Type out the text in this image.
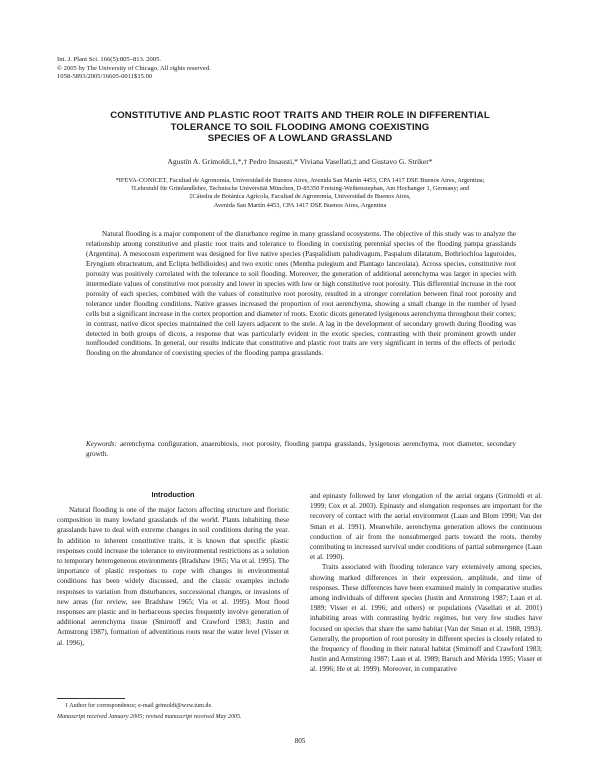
Int. J. Plant Sci. 166(5):805–813. 2005.
© 2005 by The University of Chicago. All rights reserved.
1058-5893/2005/16605-0011$15.00
CONSTITUTIVE AND PLASTIC ROOT TRAITS AND THEIR ROLE IN DIFFERENTIAL
TOLERANCE TO SOIL FLOODING AMONG COEXISTING
SPECIES OF A LOWLAND GRASSLAND
Agustín A. Grimoldi,1,*,† Pedro Insausti,* Viviana Vasellati,‡ and Gustavo G. Striker*
*IFEVA-CONICET, Facultad de Agronomía, Universidad de Buenos Aires, Avenida San Martín 4453, CPA 1417 DSE Buenos Aires, Argentina;
†Lehrstuhl für Grünlandlehre, Technische Universität München, D-85350 Freising-Weihenstephan, Am Hochanger 1, Germany; and
‡Cátedra de Botánica Agrícola, Facultad de Agronomía, Universidad de Buenos Aires,
Avenida San Martín 4453, CPA 1417 DSE Buenos Aires, Argentina

Natural flooding is a major component of the disturbance regime in many grassland ecosystems. The objective of this study was to analyze the relationship among constitutive and plastic root traits and tolerance to flooding in coexisting perennial species of the flooding pampa grasslands (Argentina). A mesocosm experiment was designed for five native species (Paspalidium paludivagum, Paspalum dilatatum, Bothriochloa laguroides, Eryngium ebracteatum, and Eclipta bellidioides) and two exotic ones (Mentha pulegium and Plantago lanceolata). Across species, constitutive root porosity was positively correlated with the tolerance to soil flooding. Moreover, the generation of additional aerenchyma was larger in species with intermediate values of constitutive root porosity and lower in species with low or high constitutive root porosity. This differential increase in the root porosity of each species, combined with the values of constitutive root porosity, resulted in a stronger correlation between final root porosity and tolerance under flooding conditions. Native grasses increased the proportion of root aerenchyma, showing a small change in the number of lysed cells but a significant increase in the cortex proportion and diameter of roots. Exotic dicots generated lysigenous aerenchyma throughout their cortex; in contrast, native dicot species maintained the cell layers adjacent to the stele. A lag in the development of secondary growth during flooding was detected in both groups of dicots, a response that was particularly evident in the exotic species, contrasting with their prominent growth under nonflooded conditions. In general, our results indicate that constitutive and plastic root traits are very significant in terms of the effects of periodic flooding on the abundance of coexisting species of the flooding pampa grasslands.

Keywords: aerenchyma configuration, anaerobiosis, root porosity, flooding pampa grasslands, lysigenous aerenchyma, root diameter, secondary growth.
Introduction

Natural flooding is one of the major factors affecting structure and floristic composition in many lowland grasslands of the world. Plants inhabiting these grasslands have to deal with extreme changes in soil conditions during the year. In addition to inherent constitutive traits, it is known that specific plastic responses could increase the tolerance to environmental restrictions as a solution to temporary heterogeneous environments (Bradshaw 1965; Via et al. 1995). The importance of plastic responses to cope with changes in environmental conditions has been widely discussed, and the classic examples include responses to variation from disturbances, successional changes, or invasions of new areas (for review, see Bradshaw 1965; Via et al. 1995). Most flood responses are plastic and in herbaceous species frequently involve generation of additional aerenchyma tissue (Smirnoff and Crawford 1983; Justin and Armstrong 1987), formation of adventitious roots near the water level (Visser et al. 1996),

and epinasty followed by later elongation of the aerial organs (Grimoldi et al. 1999; Cox et al. 2003). Epinasty and elongation responses are important for the recovery of contact with the aerial environment (Laan and Blom 1990; Van der Sman et al. 1991). Meanwhile, aerenchyma generation allows the continuous conduction of air from the nonsubmerged parts toward the roots, thereby contributing to increased survival under conditions of partial submergence (Laan et al. 1990).

Traits associated with flooding tolerance vary extensively among species, showing marked differences in their expression, amplitude, and time of responses. These differences have been examined mainly in comparative studies among individuals of different species (Justin and Armstrong 1987; Laan et al. 1989; Visser et al. 1996; and others) or populations (Vasellati et al. 2001) inhabiting areas with contrasting hydric regimes, but very few studies have focused on species that share the same habitat (Van der Sman et al. 1988, 1993). Generally, the proportion of root porosity in different species is closely related to the frequency of flooding in their natural habitat (Smirnoff and Crawford 1983; Justin and Armstrong 1987; Laan et al. 1989; Baruch and Mérida 1995; Visser et al. 1996; He et al. 1999). Moreover, in comparative

1 Author for correspondence; e-mail grimoldi@wzw.tum.de.
Manuscript received January 2005; revised manuscript received May 2005.
805
